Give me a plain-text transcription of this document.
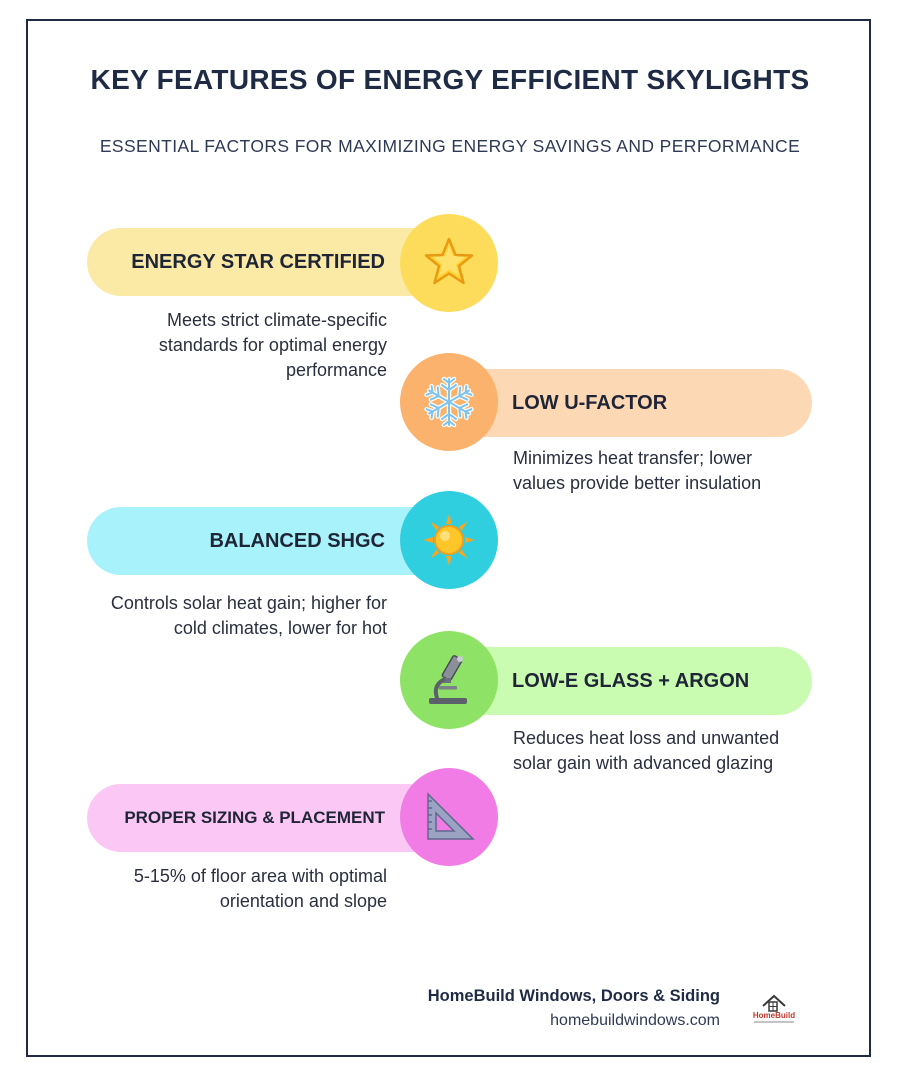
KEY FEATURES OF ENERGY EFFICIENT SKYLIGHTS
ESSENTIAL FACTORS FOR MAXIMIZING ENERGY SAVINGS AND PERFORMANCE
ENERGY STAR CERTIFIED
Meets strict climate-specific standards for optimal energy performance
LOW U-FACTOR
Minimizes heat transfer; lower values provide better insulation
BALANCED SHGC
Controls solar heat gain; higher for cold climates, lower for hot
LOW-E GLASS + ARGON
Reduces heat loss and unwanted solar gain with advanced glazing
PROPER SIZING & PLACEMENT
5-15% of floor area with optimal orientation and slope
HomeBuild Windows, Doors & Siding
homebuildwindows.com	HomeBuild
